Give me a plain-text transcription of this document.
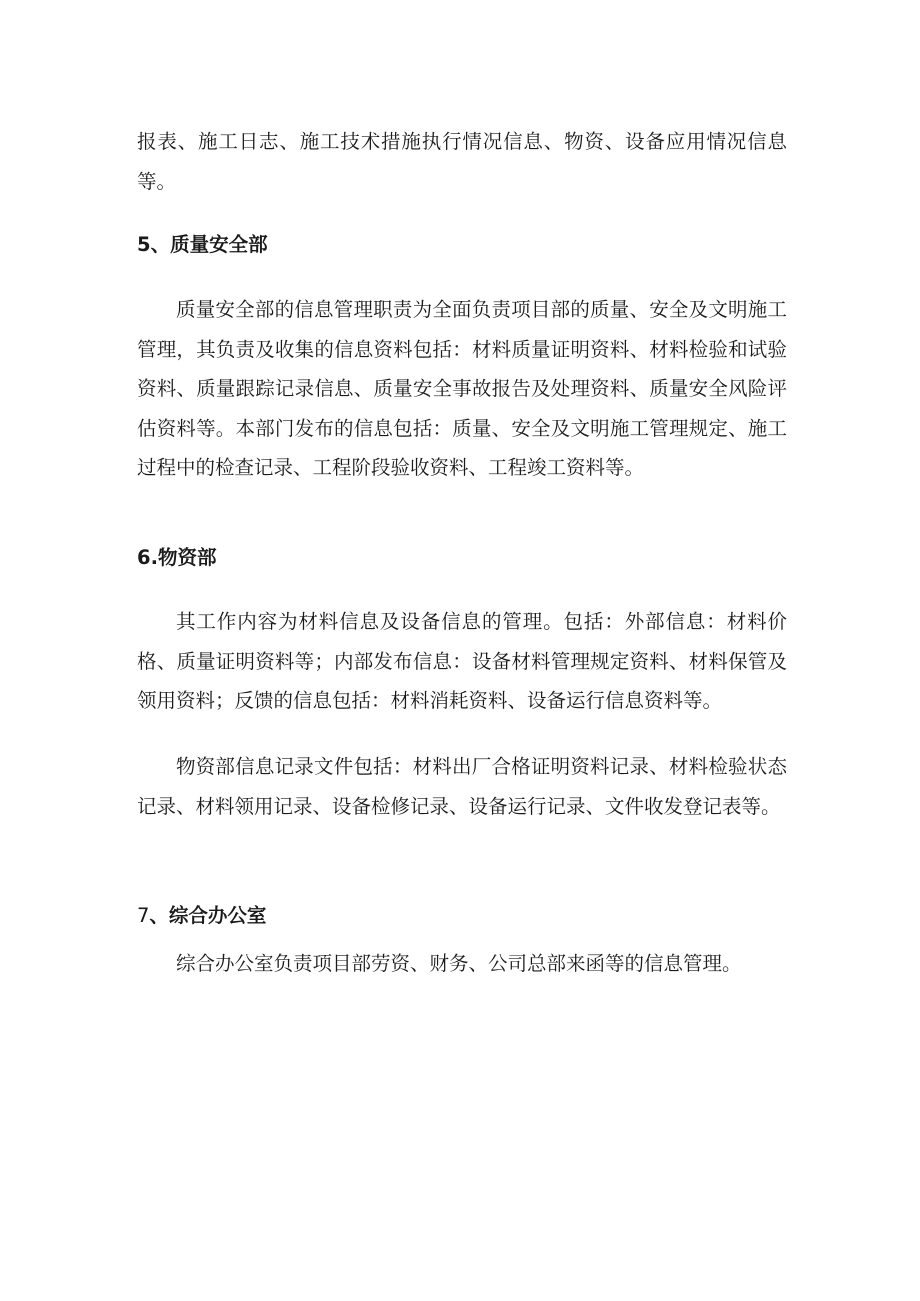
报表、施工日志、施工技术措施执行情况信息、物资、设备应用情况信息等。

5、质量安全部

质量安全部的信息管理职责为全面负责项目部的质量、安全及文明施工管理，其负责及收集的信息资料包括：材料质量证明资料、材料检验和试验资料、质量跟踪记录信息、质量安全事故报告及处理资料、质量安全风险评估资料等。本部门发布的信息包括：质量、安全及文明施工管理规定、施工过程中的检查记录、工程阶段验收资料、工程竣工资料等。

6.物资部

其工作内容为材料信息及设备信息的管理。包括：外部信息：材料价格、质量证明资料等；内部发布信息：设备材料管理规定资料、材料保管及领用资料；反馈的信息包括：材料消耗资料、设备运行信息资料等。

物资部信息记录文件包括：材料出厂合格证明资料记录、材料检验状态记录、材料领用记录、设备检修记录、设备运行记录、文件收发登记表等。

7、综合办公室

综合办公室负责项目部劳资、财务、公司总部来函等的信息管理。
